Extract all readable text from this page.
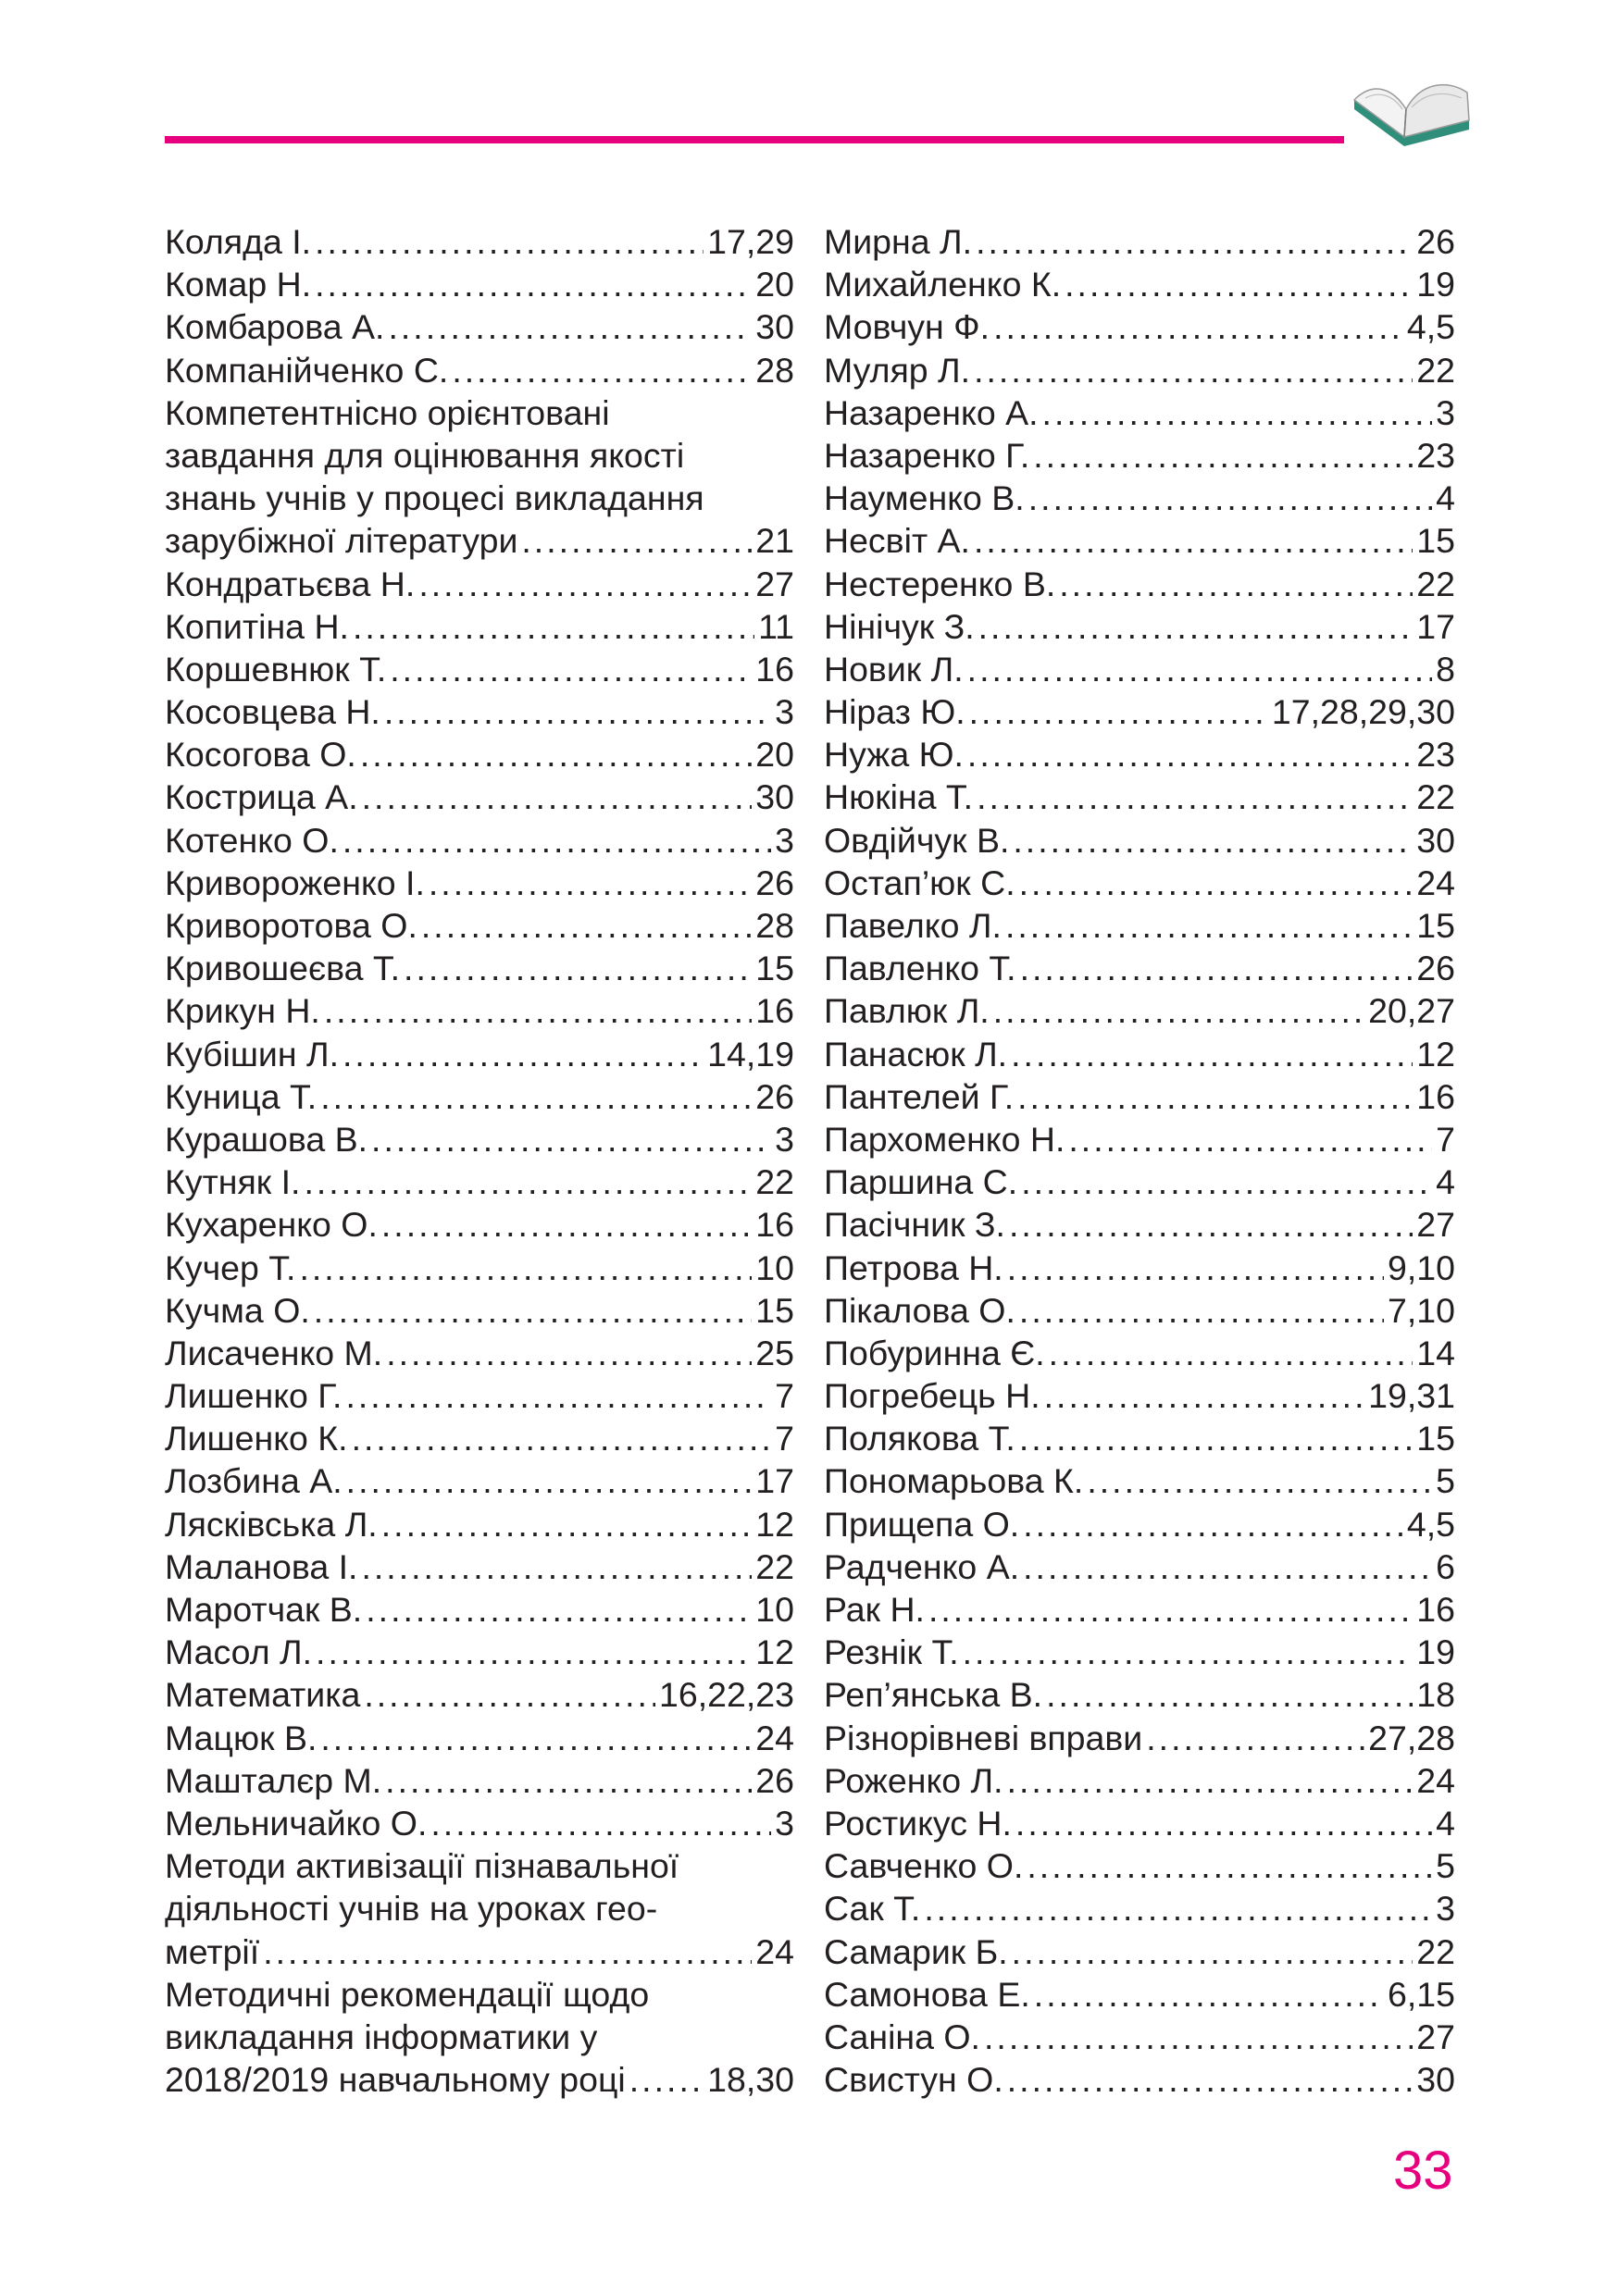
Коляда І. .....	17,29
Комар Н. .....	20
Комбарова А. .....	30
Компанійченко С. .....	28
Компетентнісно орієнтовані
завдання для оцінювання якості
знань учнів у процесі викладання
зарубіжної літератури .....	21
Кондратьєва Н. .....	27
Копитіна Н. .....	11
Коршевнюк Т. .....	16
Косовцева Н. .....	3
Косогова О. .....	20
Кострица А. .....	30
Котенко О. .....	3
Кривороженко І. .....	26
Криворотова О. .....	28
Кривошеєва Т. .....	15
Крикун Н. .....	16
Кубішин Л. .....	14,19
Куница Т. .....	26
Курашова В. .....	3
Кутняк І. .....	22
Кухаренко О. .....	16
Кучер Т. .....	10
Кучма О. .....	15
Лисаченко М. .....	25
Лишенко Г. .....	7
Лишенко К. .....	7
Лозбина А. .....	17
Лясківська Л. .....	12
Маланова І. .....	22
Маротчак В. .....	10
Масол Л. .....	12
Математика .....	16,22,23
Мацюк В. .....	24
Машталєр М. .....	26
Мельничайко О. .....	3
Методи активізації пізнавальної
діяльності учнів на уроках гео-
метрії .....	24
Методичні рекомендації щодо
викладання інформатики у
2018/2019 навчальному році ..... 18,30
Мирна Л. .....	26
Михайленко К. .....	19
Мовчун Ф. .....	4,5
Муляр Л. .....	22
Назаренко А. .....	3
Назаренко Г. .....	23
Науменко В. .....	4
Несвіт А. .....	15
Нестеренко В. .....	22
Нінічук З. .....	17
Новик Л. .....	8
Ніраз Ю. .....	17,28,29,30
Нужа Ю. .....	23
Нюкіна Т. .....	22
Овдійчук В. .....	30
Остап’юк С. .....	24
Павелко Л. .....	15
Павленко Т. .....	26
Павлюк Л. .....	20,27
Панасюк Л. .....	12
Пантелей Г. .....	16
Пархоменко Н. .....	7
Паршина С. .....	4
Пасічник З. .....	27
Петрова Н. .....	9,10
Пікалова О. .....	7,10
Побуринна Є. .....	14
Погребець Н. .....	19,31
Полякова Т. .....	15
Пономарьова К. .....	5
Прищепа О. .....	4,5
Радченко А. .....	6
Рак Н. .....	16
Резнік Т. .....	19
Реп’янська В. .....	18
Різнорівневі вправи .....	27,28
Роженко Л. .....	24
Ростикус Н. .....	4
Савченко О. .....	5
Сак Т. .....	3
Самарик Б. .....	22
Самонова Е. .....	6,15
Саніна О. .....	27
Свистун О. .....	30
33
